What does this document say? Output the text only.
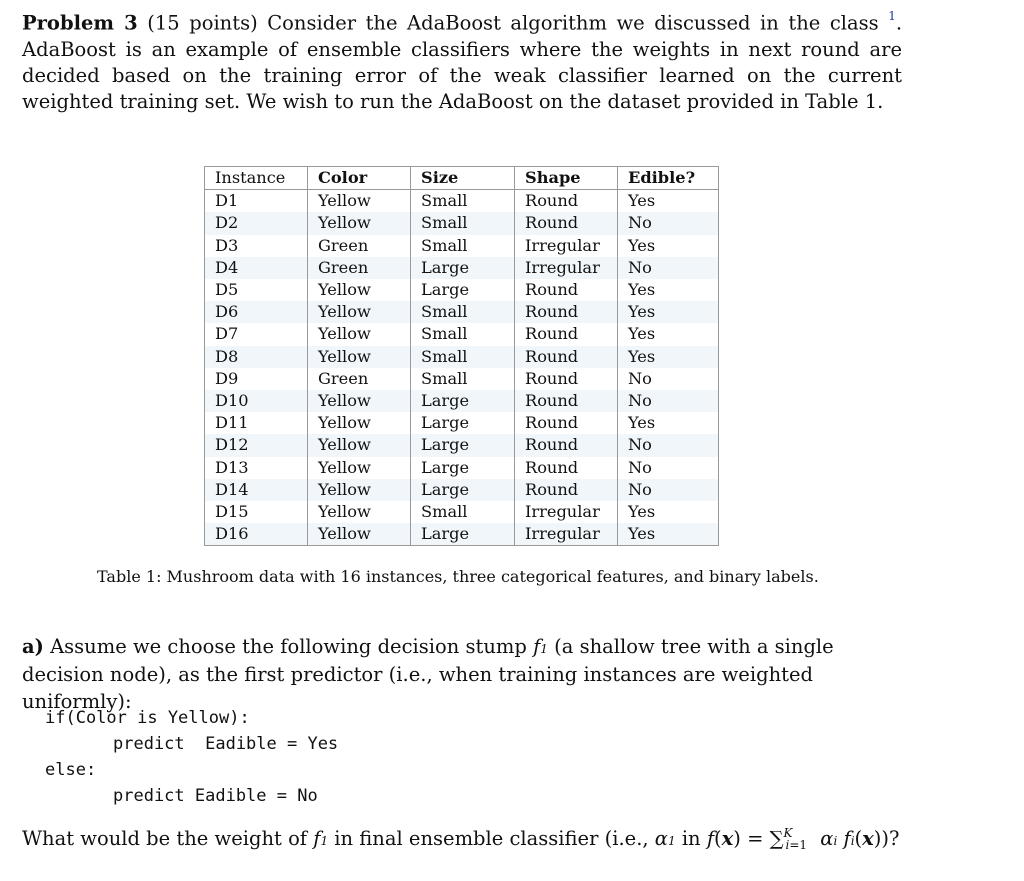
Problem 3 (15 points) Consider the AdaBoost algorithm we discussed in the class $^1$. AdaBoost is an example of ensemble classifiers where the weights in next round are decided based on the training error of the weak classifier learned on the current weighted training set. We wish to run the AdaBoost on the dataset provided in Table 1.
Instance	Color	Size	Shape	Edible?
D1	Yellow	Small	Round	Yes
D2	Yellow	Small	Round	No
D3	Green	Small	Irregular	Yes
D4	Green	Large	Irregular	No
D5	Yellow	Large	Round	Yes
D6	Yellow	Small	Round	Yes
D7	Yellow	Small	Round	Yes
D8	Yellow	Small	Round	Yes
D9	Green	Small	Round	No
D10	Yellow	Large	Round	No
D11	Yellow	Large	Round	Yes
D12	Yellow	Large	Round	No
D13	Yellow	Large	Round	No
D14	Yellow	Large	Round	No
D15	Yellow	Small	Irregular	Yes
D16	Yellow	Large	Irregular	Yes
Table 1: Mushroom data with 16 instances, three categorical features, and binary labels.
a) Assume we choose the following decision stump f1 (a shallow tree with a single decision node), as the first predictor (i.e., when training instances are weighted uniformly):
if(Color is Yellow):
predict  Eadible = Yes
else:
predict Eadible = No
What would be the weight of f1 in final ensemble classifier (i.e., α1 in f(x) = ∑$^K_{i=1}$ αi fi(x))?
